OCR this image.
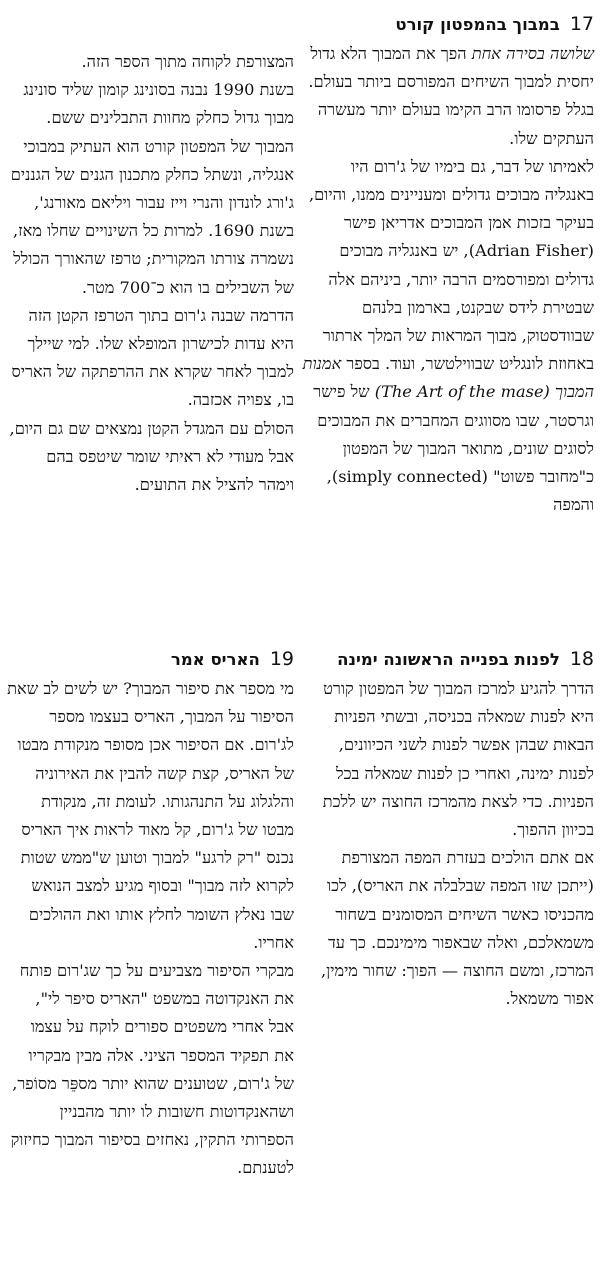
17במבוך בהמפטון קורט

שלושה בסירה אחת הפך את המבוך הלא גדול יחסית למבוך השיחים המפורסם ביותר בעולם. בגלל פרסומו הרב הקימו בעולם יותר מעשרה העתקים שלו.

לאמיתו של דבר, גם בימיו של ג'רום היו באנגליה מבוכים גדולים ומעניינים ממנו, והיום, בעיקר בזכות אמן המבוכים אדריאן פישר (Adrian Fisher), יש באנגליה מבוכים גדולים ומפורסמים הרבה יותר, ביניהם אלה שבטירת לידס שבקנט, בארמון בלנהם שבוודסטוק, מבוך המראות של המלך ארתור באחוזת לונגליט שבווילטשר, ועוד. בספר אמנות המבוך (The Art of the mase) של פישר וגרסטר, שבו מסווגים המחברים את המבוכים לסוגים שונים, מתואר המבוך של המפטון כ"מחובר פשוט" (simply connected), והמפה

המצורפת לקוחה מתוך הספר הזה.

בשנת 1990 נבנה בסונינג קומון שליד סונינג מבוך גדול כחלק מחוות התבלינים ששם.

המבוך של המפטון קורט הוא העתיק במבוכי אנגליה, ונשתל כחלק מתכנון הגנים של הגננים ג'ורג לונדון והנרי וייז עבור ויליאם מאורנג', בשנת 1690. למרות כל השינויים שחלו מאז, נשמרה צורתו המקורית; טרפז שהאורך הכולל של השבילים בו הוא כ־700 מטר.

הדרמה שבנה ג'רום בתוך הטרפז הקטן הזה היא עדות לכישרון המופלא שלו. למי שיילך למבוך לאחר שקרא את ההרפתקה של האריס בו, צפויה אכזבה.

הסולם עם המגדל הקטן נמצאים שם גם היום, אבל מעודי לא ראיתי שומר שיטפס בהם וימהר להציל את התועים.

18לפנות בפנייה הראשונה ימינה

הדרך להגיע למרכז המבוך של המפטון קורט היא לפנות שמאלה בכניסה, ובשתי הפניות הבאות שבהן אפשר לפנות לשני הכיוונים, לפנות ימינה, ואחרי כן לפנות שמאלה בכל הפניות. כדי לצאת מהמרכז החוצה יש ללכת בכיוון ההפוך.

אם אתם הולכים בעזרת המפה המצורפת (ייתכן שזו המפה שבלבלה את האריס), לכו מהכניסו כאשר השיחים המסומנים בשחור משמאלכם, ואלה שבאפור מימינכם. כך עד המרכז, ומשם החוצה — הפוך: שחור מימין, אפור משמאל.

19האריס אמר

מי מספר את סיפור המבוך? יש לשים לב שאת הסיפור על המבוך, האריס בעצמו מספר לג'רום. אם הסיפור אכן מסופר מנקודת מבטו של האריס, קצת קשה להבין את האירוניה והלגלוג על התנהגותו. לעומת זה, מנקודת מבטו של ג'רום, קל מאוד לראות איך האריס נכנס "רק לרגע" למבוך וטוען ש"ממש שטות לקרוא לזה מבוך" ובסוף מגיע למצב הנואש שבו נאלץ השומר לחלץ אותו ואת ההולכים אחריו.

מבקרי הסיפור מצביעים על כך שג'רום פותח את האנקדוטה במשפט "האריס סיפר לי", אבל אחרי משפטים ספורים לוקח על עצמו את תפקיד המספר הציני. אלה מבין מבקריו של ג'רום, שטוענים שהוא יותר מספֵּר מסוֹפר, ושהאנקדוטות חשובות לו יותר מהבניין הספרותי התקין, נאחזים בסיפור המבוך כחיזוק לטענתם.
